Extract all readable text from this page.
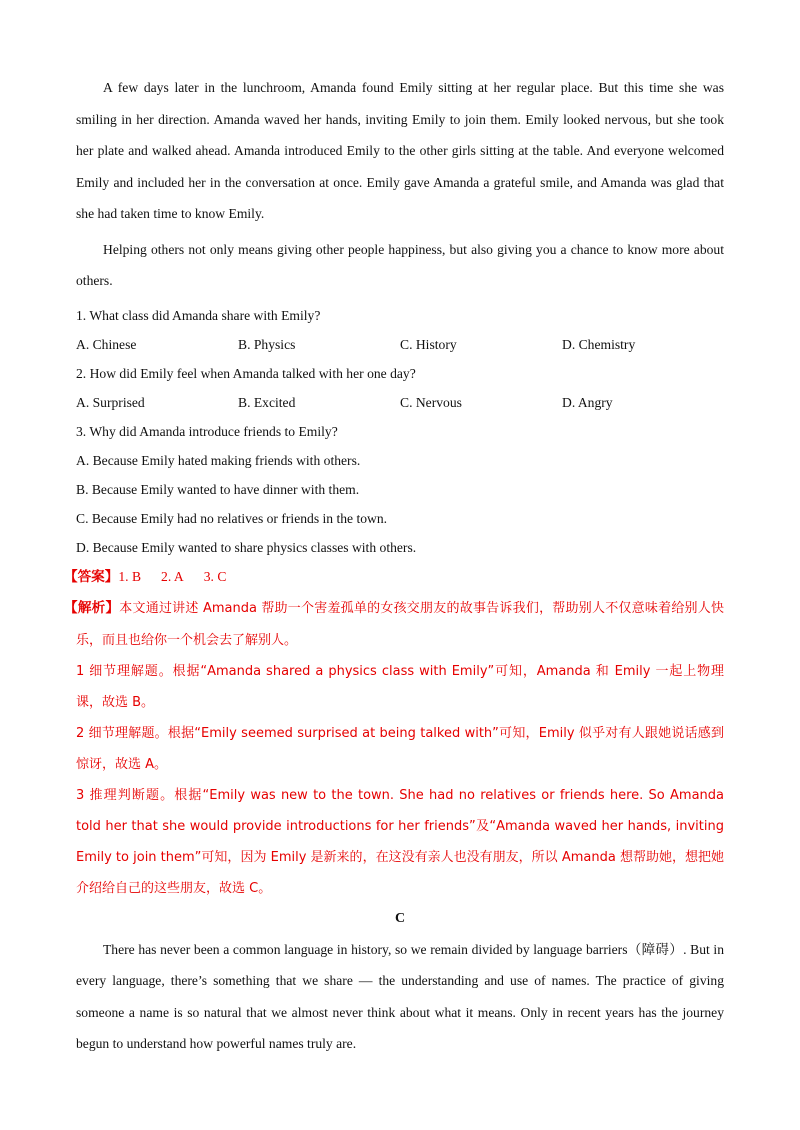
A few days later in the lunchroom, Amanda found Emily sitting at her regular place. But this time she was smiling in her direction. Amanda waved her hands, inviting Emily to join them. Emily looked nervous, but she took her plate and walked ahead. Amanda introduced Emily to the other girls sitting at the table. And everyone welcomed Emily and included her in the conversation at once. Emily gave Amanda a grateful smile, and Amanda was glad that she had taken time to know Emily.

Helping others not only means giving other people happiness, but also giving you a chance to know more about others.

1. What class did Amanda share with Emily?

A. Chinese	B. Physics	C. History	D. Chemistry

2. How did Emily feel when Amanda talked with her one day?

A. Surprised	B. Excited	C. Nervous	D. Angry

3. Why did Amanda introduce friends to Emily?

A. Because Emily hated making friends with others.

B. Because Emily wanted to have dinner with them.

C. Because Emily had no relatives or friends in the town.

D. Because Emily wanted to share physics classes with others.

【答案】1. B 2. A 3. C

【解析】本文通过讲述 Amanda 帮助一个害羞孤单的女孩交朋友的故事告诉我们，帮助别人不仅意味着给别人快乐，而且也给你一个机会去了解别人。

1 细节理解题。根据“Amanda shared a physics class with Emily”可知，Amanda 和 Emily 一起上物理课，故选 B。

2 细节理解题。根据“Emily seemed surprised at being talked with”可知，Emily 似乎对有人跟她说话感到惊讶，故选 A。

3 推理判断题。根据“Emily was new to the town. She had no relatives or friends here. So Amanda told her that she would provide introductions for her friends”及“Amanda waved her hands, inviting Emily to join them”可知，因为 Emily 是新来的，在这没有亲人也没有朋友，所以 Amanda 想帮助她，想把她介绍给自己的这些朋友，故选 C。

C

There has never been a common language in history, so we remain divided by language barriers（障碍）. But in every language, there’s something that we share — the understanding and use of names. The practice of giving someone a name is so natural that we almost never think about what it means. Only in recent years has the journey begun to understand how powerful names truly are.
